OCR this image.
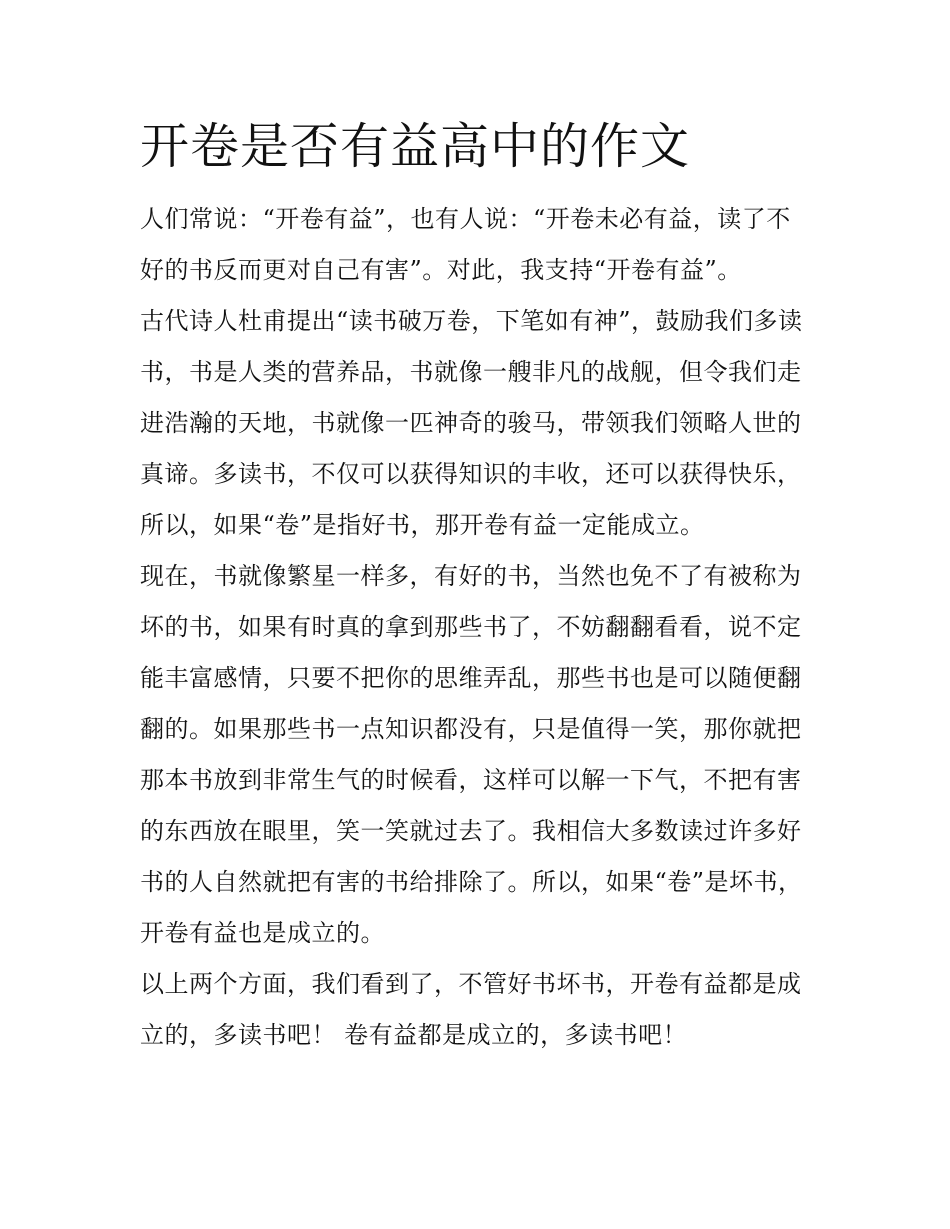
开卷是否有益高中的作文

人们常说：“开卷有益”，也有人说：“开卷未必有益，读了不
好的书反而更对自己有害”。对此，我支持“开卷有益”。

古代诗人杜甫提出“读书破万卷，下笔如有神”，鼓励我们多读
书，书是人类的营养品，书就像一艘非凡的战舰，但令我们走
进浩瀚的天地，书就像一匹神奇的骏马，带领我们领略人世的
真谛。多读书，不仅可以获得知识的丰收，还可以获得快乐，
所以，如果“卷”是指好书，那开卷有益一定能成立。

现在，书就像繁星一样多，有好的书，当然也免不了有被称为
坏的书，如果有时真的拿到那些书了，不妨翻翻看看，说不定
能丰富感情，只要不把你的思维弄乱，那些书也是可以随便翻
翻的。如果那些书一点知识都没有，只是值得一笑，那你就把
那本书放到非常生气的时候看，这样可以解一下气，不把有害
的东西放在眼里，笑一笑就过去了。我相信大多数读过许多好
书的人自然就把有害的书给排除了。所以，如果“卷”是坏书，
开卷有益也是成立的。

以上两个方面，我们看到了，不管好书坏书，开卷有益都是成
立的，多读书吧！ 卷有益都是成立的，多读书吧！
